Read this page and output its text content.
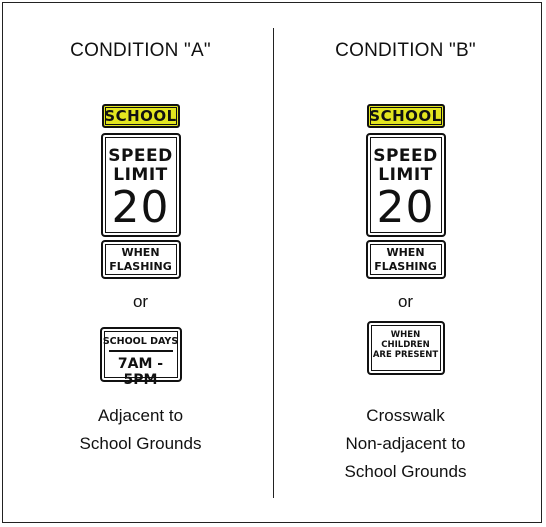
CONDITION "A"
SCHOOL
SPEED
LIMIT
20
WHEN
FLASHING
or
SCHOOL DAYS
7AM - 5PM
Adjacent to
School Grounds
CONDITION "B"
SCHOOL
SPEED
LIMIT
20
WHEN
FLASHING
or
WHEN
CHILDREN
ARE PRESENT
Crosswalk
Non-adjacent to
School Grounds
